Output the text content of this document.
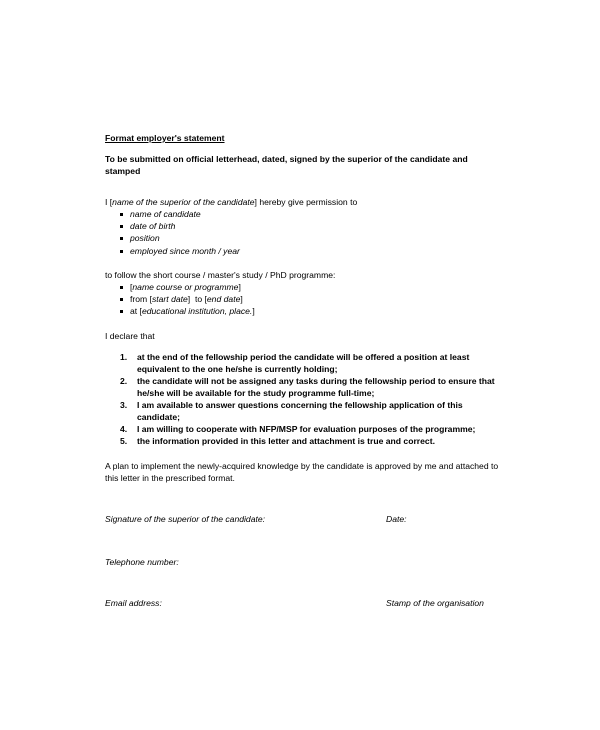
Format employer's statement
To be submitted on official letterhead, dated, signed by the superior of the candidate and stamped
I [name of the superior of the candidate] hereby give permission to
name of candidate
date of birth
position
employed since month / year
to follow the short course / master's study / PhD programme:
[name course or programme]
from [start date]  to [end date]
at [educational institution, place.]
I declare that
1. at the end of the fellowship period the candidate will be offered a position at least equivalent to the one he/she is currently holding;
2. the candidate will not be assigned any tasks during the fellowship period to ensure that he/she will be available for the study programme full-time;
3. I am available to answer questions concerning the fellowship application of this candidate;
4. I am willing to cooperate with NFP/MSP for evaluation purposes of the programme;
5. the information provided in this letter and attachment is true and correct.
A plan to implement the newly-acquired knowledge by the candidate is approved by me and attached to this letter in the prescribed format.
Signature of the superior of the candidate:	Date:
Telephone number:
Email address:	Stamp of the organisation
